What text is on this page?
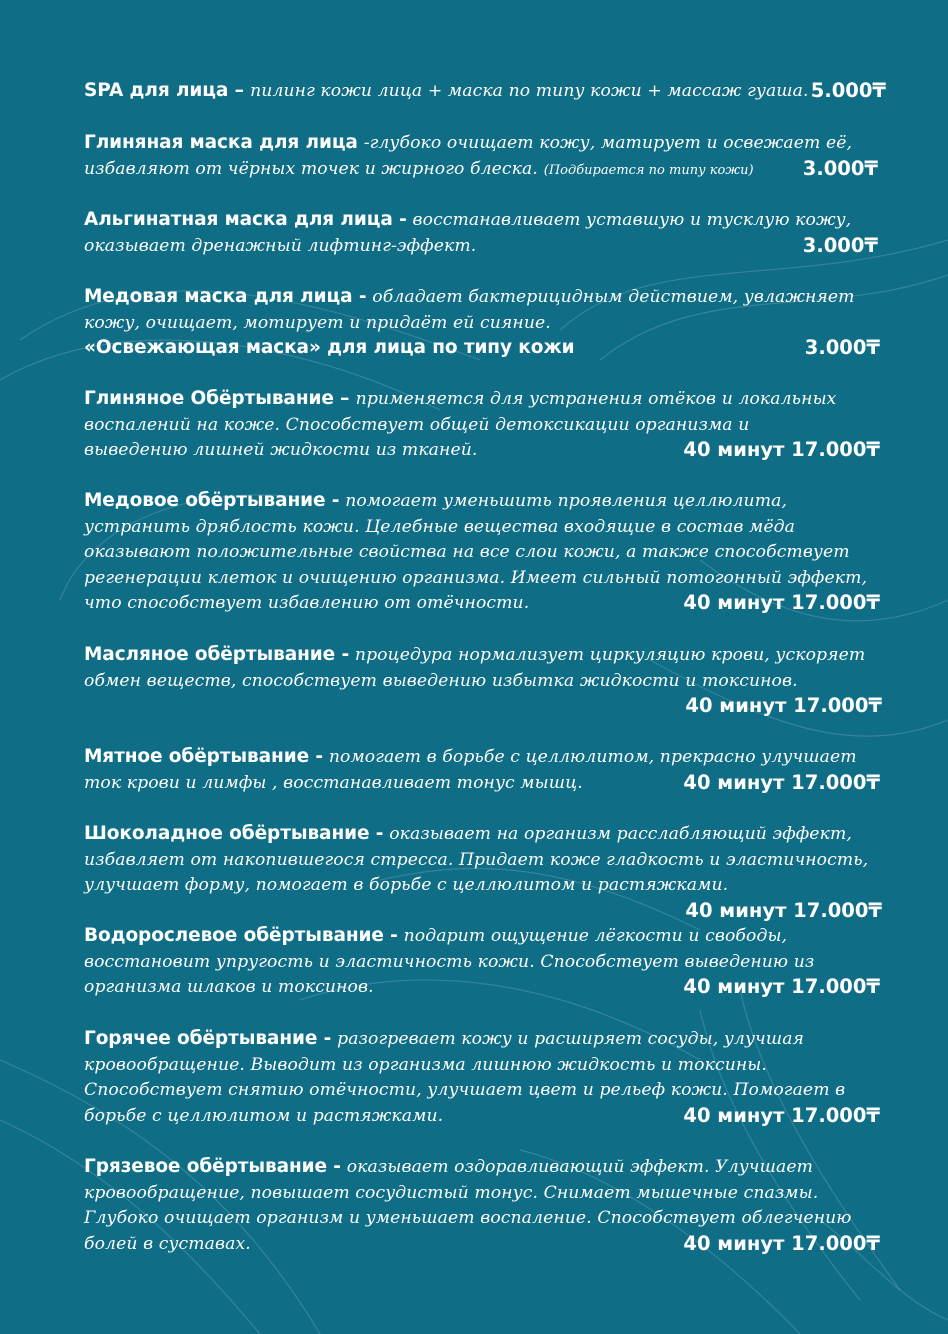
SPA для лица – пилинг кожи лица + маска по типу кожи + массаж гуаша. 5.000₸
Глиняная маска для лица -глубоко очищает кожу, матирует и освежает её,
избавляют от чёрных точек и жирного блеска. (Подбирается по типу кожи)	3.000₸
Альгинатная маска для лица - восстанавливает уставшую и тусклую кожу,
оказывает дренажный лифтинг-эффект.	3.000₸
Медовая маска для лица - обладает бактерицидным действием, увлажняет
кожу, очищает, мотирует и придаёт ей сияние.
«Освежающая маска» для лица по типу кожи	3.000₸
Глиняное Обёртывание – применяется для устранения отёков и локальных
воспалений на коже. Способствует общей детоксикации организма и
выведению лишней жидкости из тканей.	40 минут 17.000₸
Медовое обёртывание - помогает уменьшить проявления целлюлита,
устранить дряблость кожи. Целебные вещества входящие в состав мёда
оказывают положительные свойства на все слои кожи, а также способствует
регенерации клеток и очищению организма. Имеет сильный потогонный эффект,
что способствует избавлению от отёчности.	40 минут 17.000₸
Масляное обёртывание - процедура нормализует циркуляцию крови, ускоряет
обмен веществ, способствует выведению избытка жидкости и токсинов.
40 минут 17.000₸
Мятное обёртывание - помогает в борьбе с целлюлитом, прекрасно улучшает
ток крови и лимфы , восстанавливает тонус мышц.	40 минут 17.000₸
Шоколадное обёртывание - оказывает на организм расслабляющий эффект,
избавляет от накопившегося стресса. Придает коже гладкость и эластичность,
улучшает форму, помогает в борьбе с целлюлитом и растяжками.
40 минут 17.000₸
Водорослевое обёртывание - подарит ощущение лёгкости и свободы,
восстановит упругость и эластичность кожи. Способствует выведению из
организма шлаков и токсинов.	40 минут 17.000₸
Горячее обёртывание - разогревает кожу и расширяет сосуды, улучшая
кровообращение. Выводит из организма лишнюю жидкость и токсины.
Способствует снятию отёчности, улучшает цвет и рельеф кожи. Помогает в
борьбе с целлюлитом и растяжками.	40 минут 17.000₸
Грязевое обёртывание - оказывает оздоравливающий эффект. Улучшает
кровообращение, повышает сосудистый тонус. Снимает мышечные спазмы.
Глубоко очищает организм и уменьшает воспаление. Способствует облегчению
болей в суставах.	40 минут 17.000₸
